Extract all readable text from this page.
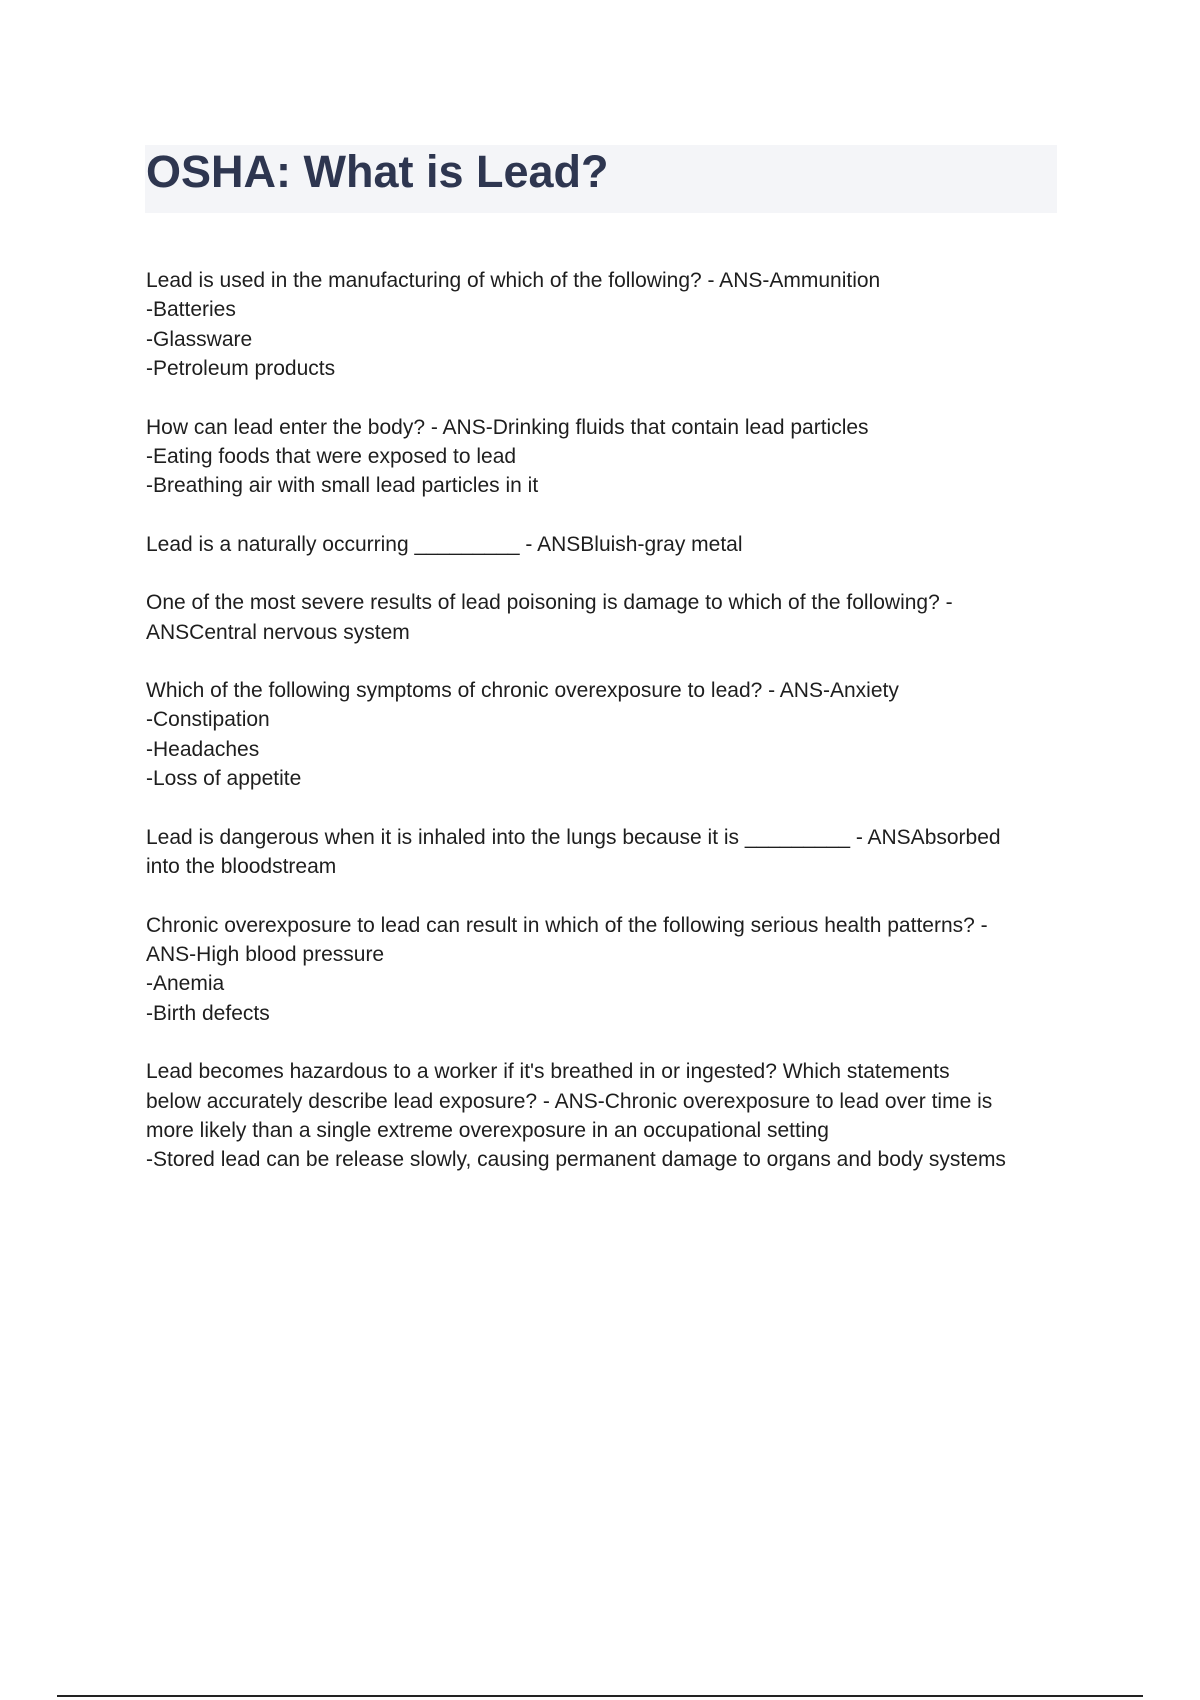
OSHA: What is Lead?
Lead is used in the manufacturing of which of the following? - ANS-Ammunition
-Batteries
-Glassware
-Petroleum products
How can lead enter the body? - ANS-Drinking fluids that contain lead particles
-Eating foods that were exposed to lead
-Breathing air with small lead particles in it
Lead is a naturally occurring _________ - ANSBluish-gray metal
One of the most severe results of lead poisoning is damage to which of the following? -
ANSCentral nervous system
Which of the following symptoms of chronic overexposure to lead? - ANS-Anxiety
-Constipation
-Headaches
-Loss of appetite
Lead is dangerous when it is inhaled into the lungs because it is _________ - ANSAbsorbed
into the bloodstream
Chronic overexposure to lead can result in which of the following serious health patterns? -
ANS-High blood pressure
-Anemia
-Birth defects
Lead becomes hazardous to a worker if it's breathed in or ingested? Which statements
below accurately describe lead exposure? - ANS-Chronic overexposure to lead over time is
more likely than a single extreme overexposure in an occupational setting
-Stored lead can be release slowly, causing permanent damage to organs and body systems
